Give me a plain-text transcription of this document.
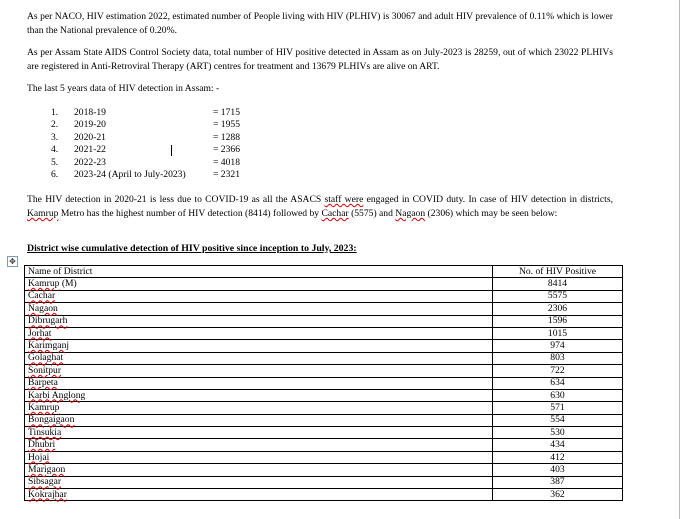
As per NACO, HIV estimation 2022, estimated number of People living with HIV (PLHIV) is 30067 and adult HIV prevalence of 0.11% which is lower than the National prevalence of 0.20%.

As per Assam State AIDS Control Society data, total number of HIV positive detected in Assam as on July-2023 is 28259, out of which 23022 PLHIVs are registered in Anti-Retroviral Therapy (ART) centres for treatment and 13679 PLHIVs are alive on ART.

The last 5 years data of HIV detection in Assam: -

1. 2018-19	= 1715
2. 2019-20	= 1955
3. 2020-21	= 1288
4. 2021-22	= 2366
5. 2022-23	= 4018
6. 2023-24 (April to July-2023)	= 2321

The HIV detection in 2020-21 is less due to COVID-19 as all the ASACS staff were engaged in COVID duty. In case of HIV detection in districts, Kamrup Metro has the highest number of HIV detection (8414) followed by Cachar (5575) and Nagaon (2306) which may be seen below:

District wise cumulative detection of HIV positive since inception to July, 2023:
✥
Name of District	No. of HIV Positive
Kamrup (M)	8414
Cachar	5575
Nagaon	2306
Dibrugarh	1596
Jorhat	1015
Karimganj	974
Golaghat	803
Sonitpur	722
Barpeta	634
Karbi Anglong	630
Kamrup	571
Bongaigaon	554
Tinsukia	530
Dhubri	434
Hojai	412
Marigaon	403
Sibsagar	387
Kokrajhar	362
